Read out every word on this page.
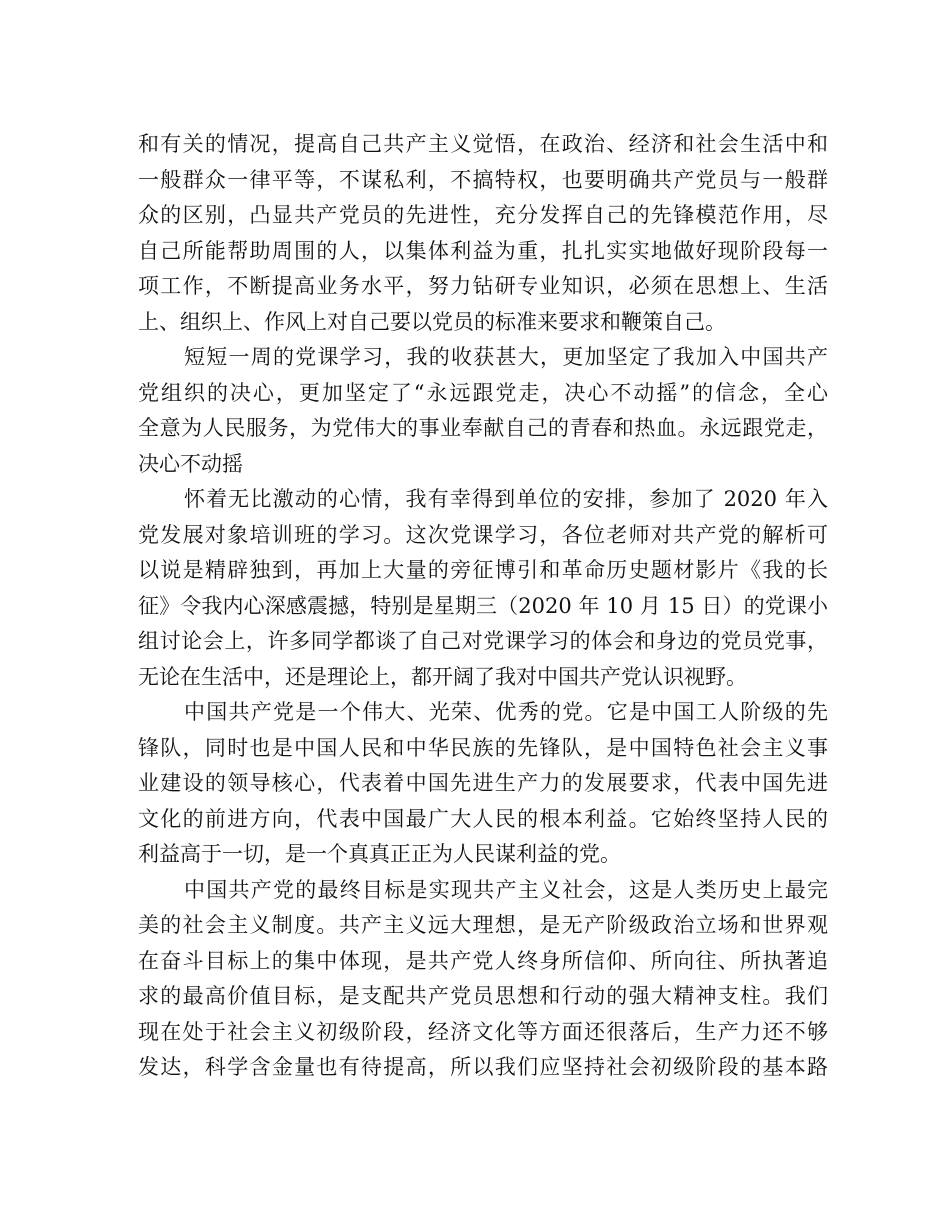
和有关的情况，提高自己共产主义觉悟，在政治、经济和社会生活中和
一般群众一律平等，不谋私利，不搞特权，也要明确共产党员与一般群
众的区别，凸显共产党员的先进性，充分发挥自己的先锋模范作用，尽
自己所能帮助周围的人，以集体利益为重，扎扎实实地做好现阶段每一
项工作，不断提高业务水平，努力钻研专业知识，必须在思想上、生活
上、组织上、作风上对自己要以党员的标准来要求和鞭策自己。
短短一周的党课学习，我的收获甚大，更加坚定了我加入中国共产
党组织的决心，更加坚定了“永远跟党走，决心不动摇”的信念，全心
全意为人民服务，为党伟大的事业奉献自己的青春和热血。永远跟党走，
决心不动摇
怀着无比激动的心情，我有幸得到单位的安排，参加了 2020 年入
党发展对象培训班的学习。这次党课学习，各位老师对共产党的解析可
以说是精辟独到，再加上大量的旁征博引和革命历史题材影片《我的长
征》令我内心深感震撼，特别是星期三（2020 年 10 月 15 日）的党课小
组讨论会上，许多同学都谈了自己对党课学习的体会和身边的党员党事，
无论在生活中，还是理论上，都开阔了我对中国共产党认识视野。
中国共产党是一个伟大、光荣、优秀的党。它是中国工人阶级的先
锋队，同时也是中国人民和中华民族的先锋队，是中国特色社会主义事
业建设的领导核心，代表着中国先进生产力的发展要求，代表中国先进
文化的前进方向，代表中国最广大人民的根本利益。它始终坚持人民的
利益高于一切，是一个真真正正为人民谋利益的党。
中国共产党的最终目标是实现共产主义社会，这是人类历史上最完
美的社会主义制度。共产主义远大理想，是无产阶级政治立场和世界观
在奋斗目标上的集中体现，是共产党人终身所信仰、所向往、所执著追
求的最高价值目标，是支配共产党员思想和行动的强大精神支柱。我们
现在处于社会主义初级阶段，经济文化等方面还很落后，生产力还不够
发达，科学含金量也有待提高，所以我们应坚持社会初级阶段的基本路
